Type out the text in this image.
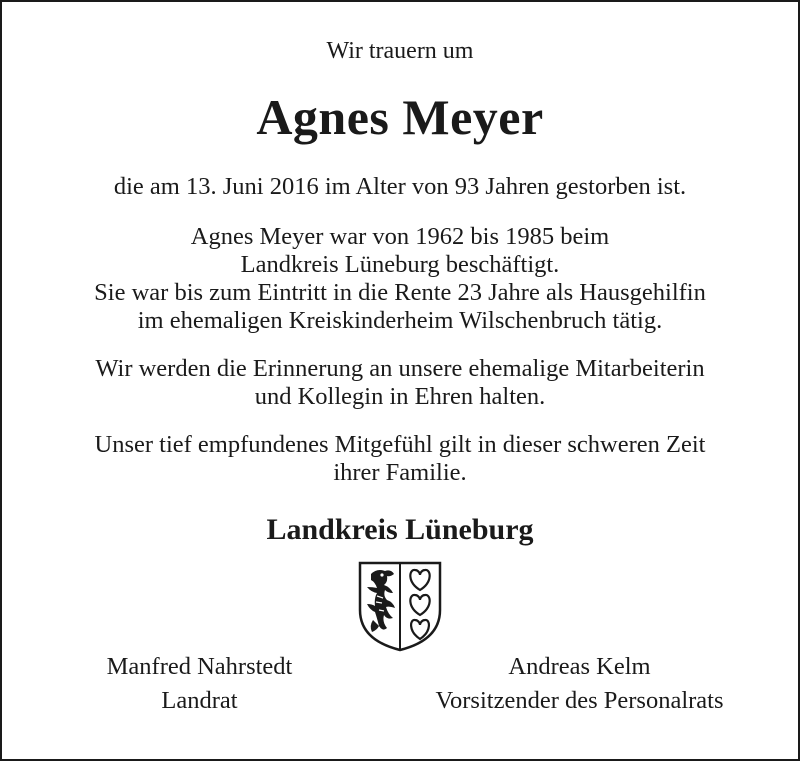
Wir trauern um
Agnes Meyer
die am 13. Juni 2016 im Alter von 93 Jahren gestorben ist.
Agnes Meyer war von 1962 bis 1985 beim
Landkreis Lüneburg beschäftigt.
Sie war bis zum Eintritt in die Rente 23 Jahre als Hausgehilfin
im ehemaligen Kreiskinderheim Wilschenbruch tätig.
Wir werden die Erinnerung an unsere ehemalige Mitarbeiterin
und Kollegin in Ehren halten.
Unser tief empfundenes Mitgefühl gilt in dieser schweren Zeit
ihrer Familie.
Landkreis Lüneburg
Manfred Nahrstedt
Landrat
Andreas Kelm
Vorsitzender des Personalrats
